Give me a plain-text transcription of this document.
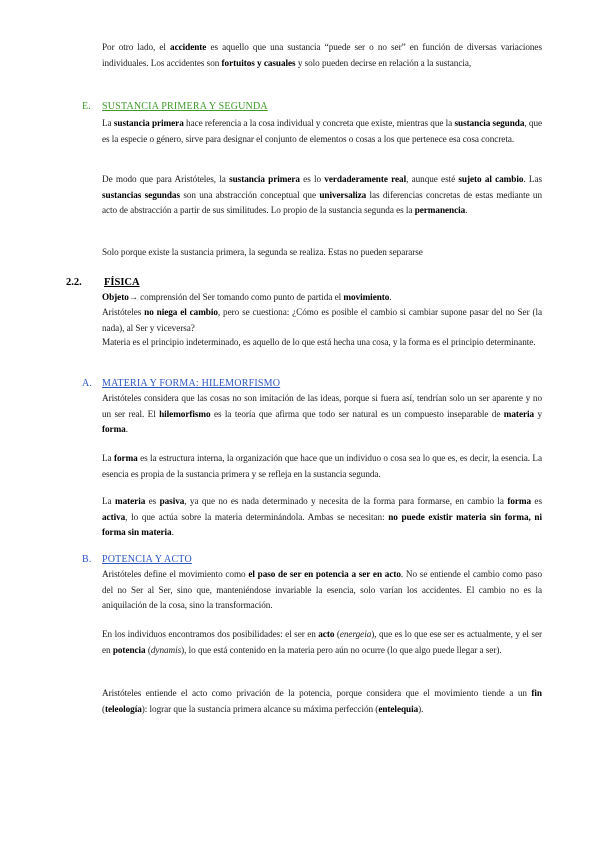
Por otro lado, el accidente es aquello que una sustancia “puede ser o no ser” en función de diversas variaciones individuales. Los accidentes son fortuitos y casuales y solo pueden decirse en relación a la sustancia,
E. SUSTANCIA PRIMERA Y SEGUNDA
La sustancia primera hace referencia a la cosa individual y concreta que existe, mientras que la sustancia segunda, que es la especie o género, sirve para designar el conjunto de elementos o cosas a los que pertenece esa cosa concreta.
De modo que para Aristóteles, la sustancia primera es lo verdaderamente real, aunque esté sujeto al cambio. Las sustancias segundas son una abstracción conceptual que universaliza las diferencias concretas de estas mediante un acto de abstracción a partir de sus similitudes. Lo propio de la sustancia segunda es la permanencia.
Solo porque existe la sustancia primera, la segunda se realiza. Estas no pueden separarse
2.2. FÍSICA
Objeto→ comprensión del Ser tomando como punto de partida el movimiento.
Aristóteles no niega el cambio, pero se cuestiona: ¿Cómo es posible el cambio si cambiar supone pasar del no Ser (la nada), al Ser y viceversa?
Materia es el principio indeterminado, es aquello de lo que está hecha una cosa, y la forma es el principio determinante.
A. MATERIA Y FORMA: HILEMORFISMO
Aristóteles considera que las cosas no son imitación de las ideas, porque si fuera así, tendrían solo un ser aparente y no un ser real. El hilemorfismo es la teoría que afirma que todo ser natural es un compuesto inseparable de materia y forma.
La forma es la estructura interna, la organización que hace que un individuo o cosa sea lo que es, es decir, la esencia. La esencia es propia de la sustancia primera y se refleja en la sustancia segunda.
La materia es pasiva, ya que no es nada determinado y necesita de la forma para formarse, en cambio la forma es activa, lo que actúa sobre la materia determinándola. Ambas se necesitan: no puede existir materia sin forma, ni forma sin materia.
B. POTENCIA Y ACTO
Aristóteles define el movimiento como el paso de ser en potencia a ser en acto. No se entiende el cambio como paso del no Ser al Ser, sino que, manteniéndose invariable la esencia, solo varían los accidentes. El cambio no es la aniquilación de la cosa, sino la transformación.
En los individuos encontramos dos posibilidades: el ser en acto (energeia), que es lo que ese ser es actualmente, y el ser en potencia (dynamis), lo que está contenido en la materia pero aún no ocurre (lo que algo puede llegar a ser).
Aristóteles entiende el acto como privación de la potencia, porque considera que el movimiento tiende a un fin (teleología): lograr que la sustancia primera alcance su máxima perfección (entelequia).
